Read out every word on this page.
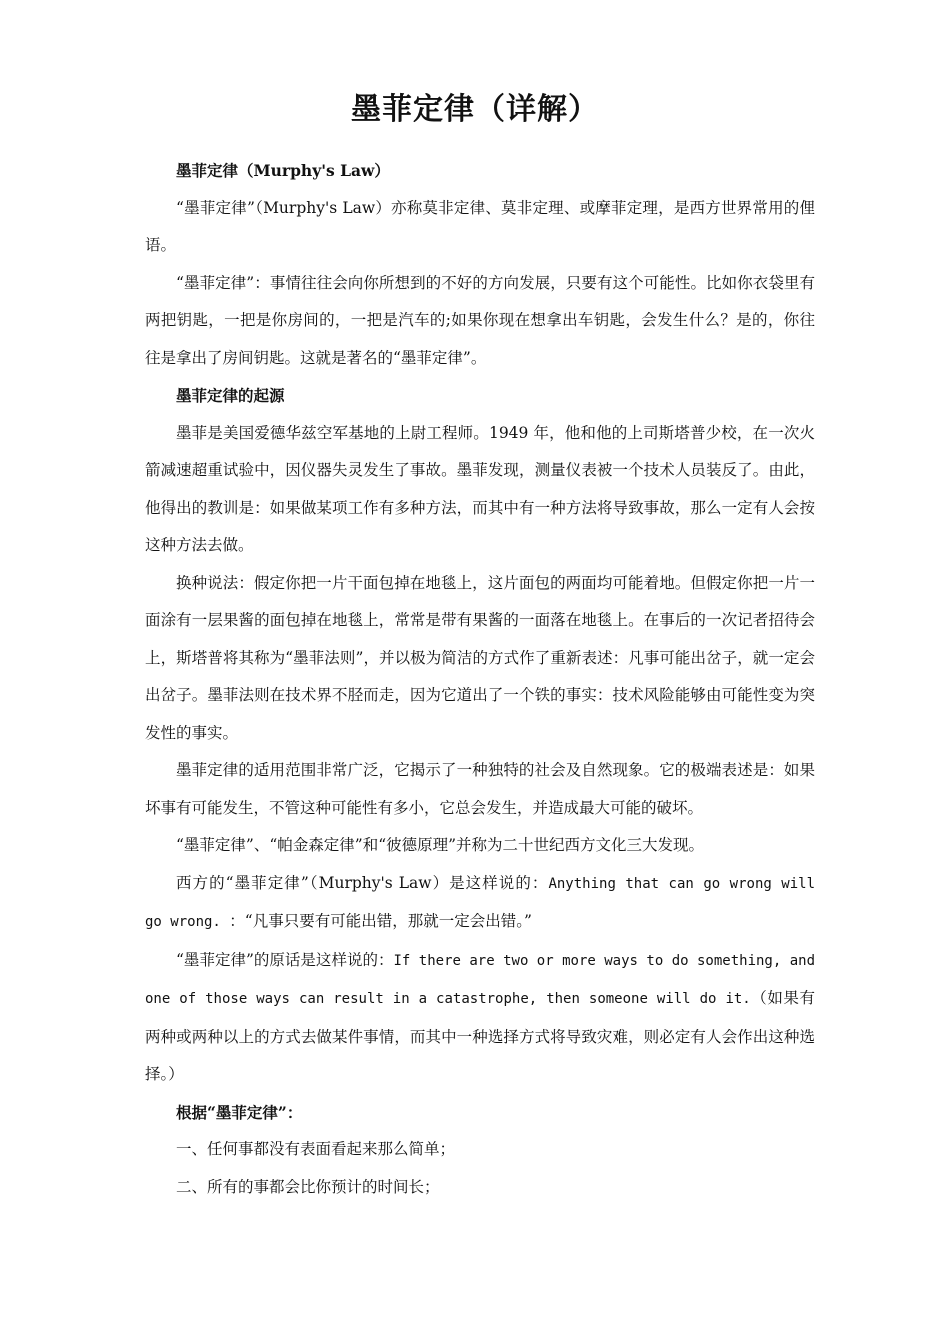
墨菲定律（详解）
墨菲定律（Murphy's Law）

“墨菲定律”（Murphy's Law）亦称莫非定律、莫非定理、或摩菲定理，是西方世界常用的俚语。

“墨菲定律”：事情往往会向你所想到的不好的方向发展，只要有这个可能性。比如你衣袋里有两把钥匙，一把是你房间的，一把是汽车的;如果你现在想拿出车钥匙，会发生什么？是的，你往往是拿出了房间钥匙。这就是著名的“墨菲定律”。

墨菲定律的起源

墨菲是美国爱德华兹空军基地的上尉工程师。1949 年，他和他的上司斯塔普少校，在一次火箭减速超重试验中，因仪器失灵发生了事故。墨菲发现，测量仪表被一个技术人员装反了。由此，他得出的教训是：如果做某项工作有多种方法，而其中有一种方法将导致事故，那么一定有人会按这种方法去做。

换种说法：假定你把一片干面包掉在地毯上，这片面包的两面均可能着地。但假定你把一片一面涂有一层果酱的面包掉在地毯上，常常是带有果酱的一面落在地毯上。在事后的一次记者招待会上，斯塔普将其称为“墨菲法则”，并以极为简洁的方式作了重新表述：凡事可能出岔子，就一定会出岔子。墨菲法则在技术界不胫而走，因为它道出了一个铁的事实：技术风险能够由可能性变为突发性的事实。

墨菲定律的适用范围非常广泛，它揭示了一种独特的社会及自然现象。它的极端表述是：如果坏事有可能发生，不管这种可能性有多小，它总会发生，并造成最大可能的破坏。

“墨菲定律”、“帕金森定律”和“彼德原理”并称为二十世纪西方文化三大发现。

西方的“墨菲定律”（Murphy's Law）是这样说的：Anything that can go wrong will go wrong. ：“凡事只要有可能出错，那就一定会出错。”

“墨菲定律”的原话是这样说的：If there are two or more ways to do something, and one of those ways can result in a catastrophe, then someone will do it.（如果有两种或两种以上的方式去做某件事情，而其中一种选择方式将导致灾难，则必定有人会作出这种选择。）

根据“墨菲定律”：

一、任何事都没有表面看起来那么简单；

二、所有的事都会比你预计的时间长；
